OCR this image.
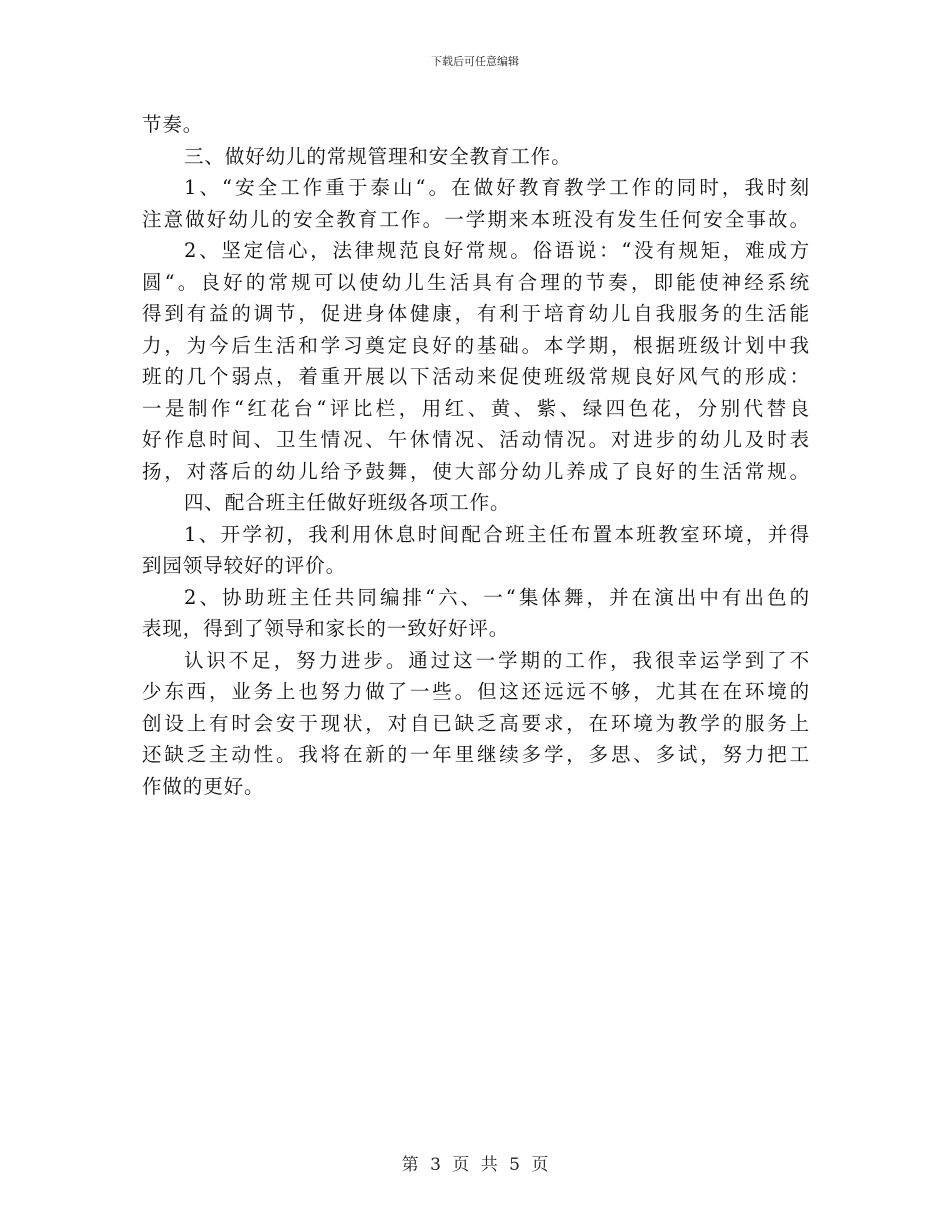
下载后可任意编辑
节奏。
三、做好幼儿的常规管理和安全教育工作。
1、“安全工作重于泰山“。在做好教育教学工作的同时，我时刻
注意做好幼儿的安全教育工作。一学期来本班没有发生任何安全事故。
2、坚定信心，法律规范良好常规。俗语说：“没有规矩，难成方
圆“。良好的常规可以使幼儿生活具有合理的节奏，即能使神经系统
得到有益的调节，促进身体健康，有利于培育幼儿自我服务的生活能
力，为今后生活和学习奠定良好的基础。本学期，根据班级计划中我
班的几个弱点，着重开展以下活动来促使班级常规良好风气的形成：
一是制作“红花台“评比栏，用红、黄、紫、绿四色花，分别代替良
好作息时间、卫生情况、午休情况、活动情况。对进步的幼儿及时表
扬，对落后的幼儿给予鼓舞，使大部分幼儿养成了良好的生活常规。
四、配合班主任做好班级各项工作。
1、开学初，我利用休息时间配合班主任布置本班教室环境，并得
到园领导较好的评价。
2、协助班主任共同编排“六、一“集体舞，并在演出中有出色的
表现，得到了领导和家长的一致好好评。
认识不足，努力进步。通过这一学期的工作，我很幸运学到了不
少东西，业务上也努力做了一些。但这还远远不够，尤其在在环境的
创设上有时会安于现状，对自已缺乏高要求，在环境为教学的服务上
还缺乏主动性。我将在新的一年里继续多学，多思、多试，努力把工
作做的更好。
第 3 页 共 5 页
